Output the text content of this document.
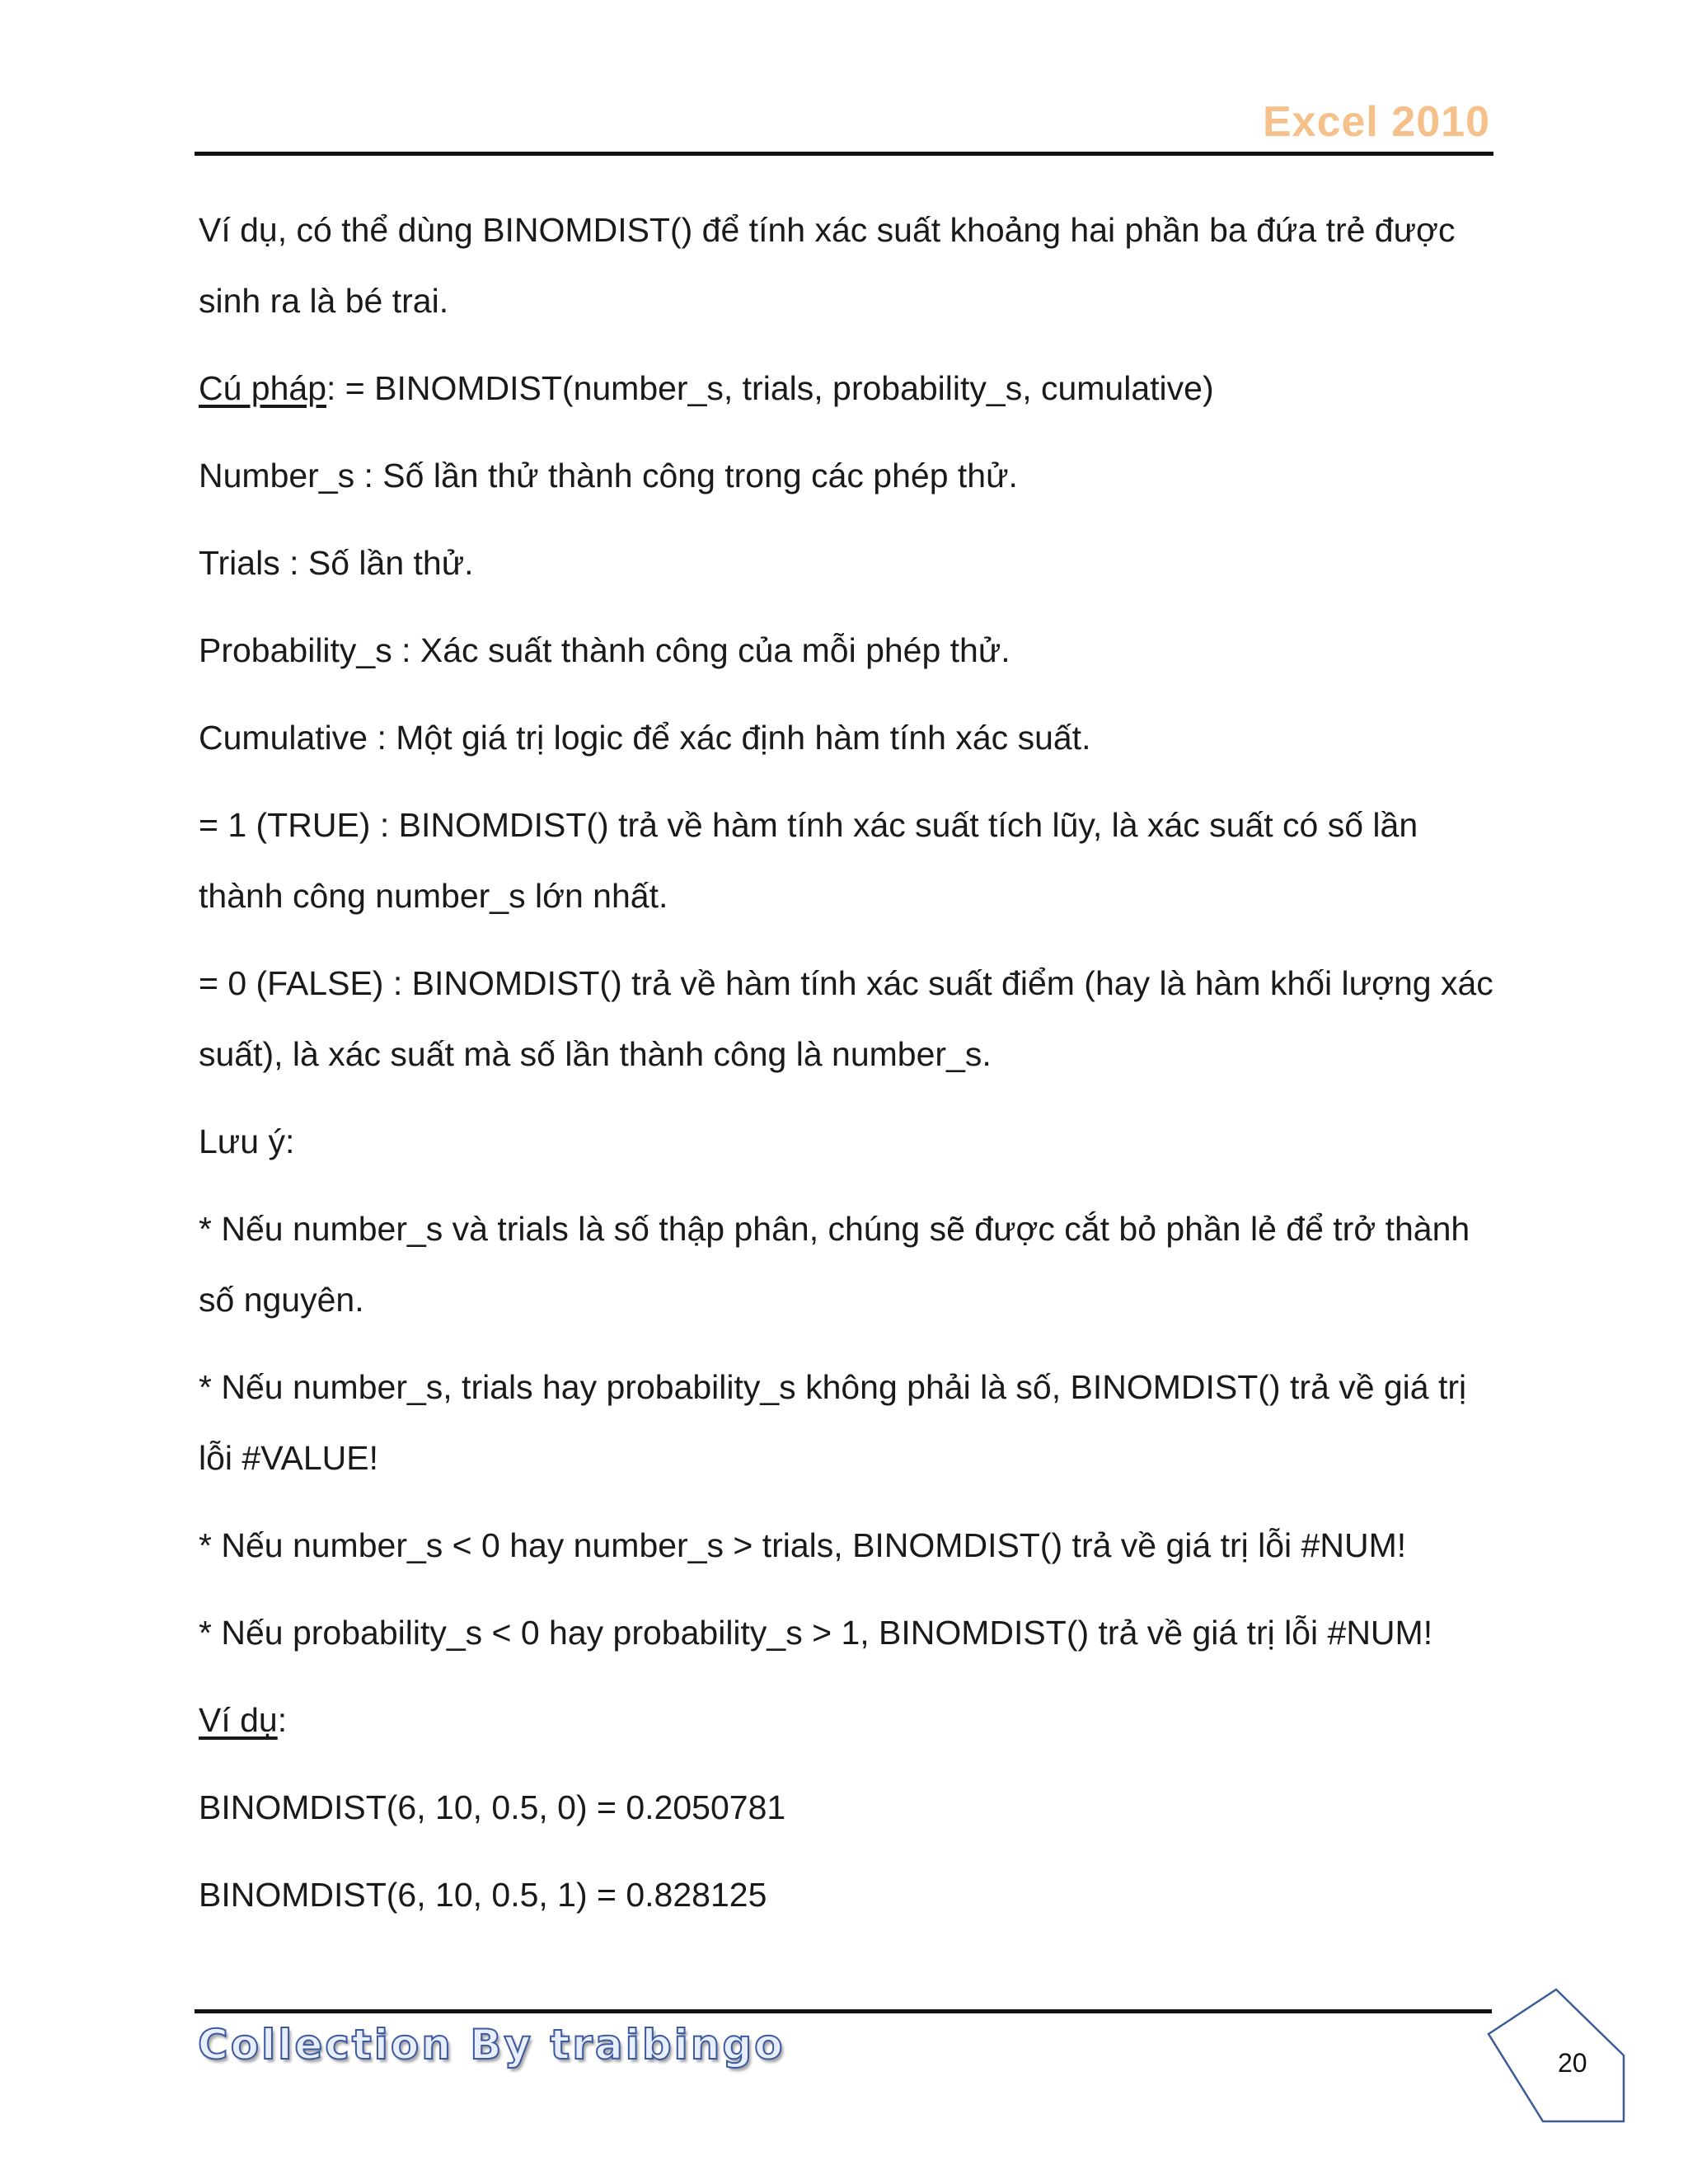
Excel 2010

Ví dụ, có thể dùng BINOMDIST() để tính xác suất khoảng hai phần ba đứa trẻ được sinh ra là bé trai.

Cú pháp: = BINOMDIST(number_s, trials, probability_s, cumulative)

Number_s : Số lần thử thành công trong các phép thử.

Trials : Số lần thử.

Probability_s : Xác suất thành công của mỗi phép thử.

Cumulative : Một giá trị logic để xác định hàm tính xác suất.

= 1 (TRUE) : BINOMDIST() trả về hàm tính xác suất tích lũy, là xác suất có số lần thành công number_s lớn nhất.

= 0 (FALSE) : BINOMDIST() trả về hàm tính xác suất điểm (hay là hàm khối lượng xác suất), là xác suất mà số lần thành công là number_s.

Lưu ý:

* Nếu number_s và trials là số thập phân, chúng sẽ được cắt bỏ phần lẻ để trở thành số nguyên.

* Nếu number_s, trials hay probability_s không phải là số, BINOMDIST() trả về giá trị lỗi #VALUE!

* Nếu number_s < 0 hay number_s > trials, BINOMDIST() trả về giá trị lỗi #NUM!

* Nếu probability_s < 0 hay probability_s > 1, BINOMDIST() trả về giá trị lỗi #NUM!

Ví dụ:

BINOMDIST(6, 10, 0.5, 0) = 0.2050781

BINOMDIST(6, 10, 0.5, 1) = 0.828125

Collection By traibingo	20
